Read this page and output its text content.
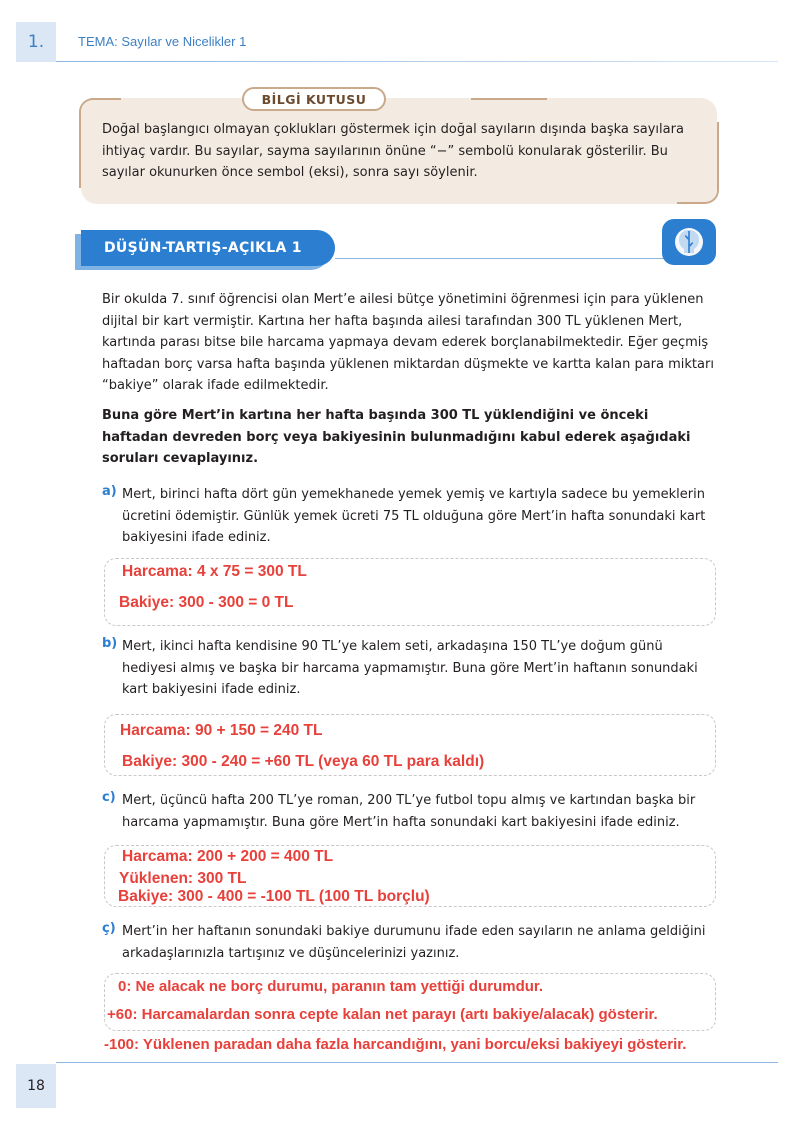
1.	TEMA: Sayılar ve Nicelikler 1
BİLGİ KUTUSU
Doğal başlangıcı olmayan çoklukları göstermek için doğal sayıların dışında başka sayılara ihtiyaç vardır. Bu sayılar, sayma sayılarının önüne “−” sembolü konularak gösterilir. Bu sayılar okunurken önce sembol (eksi), sonra sayı söylenir.
DÜŞÜN-TARTIŞ-AÇIKLA 1
Bir okulda 7. sınıf öğrencisi olan Mert’e ailesi bütçe yönetimini öğrenmesi için para yüklenen dijital bir kart vermiştir. Kartına her hafta başında ailesi tarafından 300 TL yüklenen Mert, kartında parası bitse bile harcama yapmaya devam ederek borçlanabilmektedir. Eğer geçmiş haftadan borç varsa hafta başında yüklenen miktardan düşmekte ve kartta kalan para miktarı “bakiye” olarak ifade edilmektedir.
Buna göre Mert’in kartına her hafta başında 300 TL yüklendiğini ve önceki haftadan devreden borç veya bakiyesinin bulunmadığını kabul ederek aşağıdaki soruları cevaplayınız.
a) Mert, birinci hafta dört gün yemekhanede yemek yemiş ve kartıyla sadece bu yemeklerin ücretini ödemiştir. Günlük yemek ücreti 75 TL olduğuna göre Mert’in hafta sonundaki kart bakiyesini ifade ediniz.
Harcama: 4 x 75 = 300 TL
Bakiye: 300 - 300 = 0 TL
b) Mert, ikinci hafta kendisine 90 TL’ye kalem seti, arkadaşına 150 TL’ye doğum günü hediyesi almış ve başka bir harcama yapmamıştır. Buna göre Mert’in haftanın sonundaki kart bakiyesini ifade ediniz.
Harcama: 90 + 150 = 240 TL
Bakiye: 300 - 240 = +60 TL (veya 60 TL para kaldı)
c) Mert, üçüncü hafta 200 TL’ye roman, 200 TL’ye futbol topu almış ve kartından başka bir harcama yapmamıştır. Buna göre Mert’in hafta sonundaki kart bakiyesini ifade ediniz.
Harcama: 200 + 200 = 400 TL
Yüklenen: 300 TL
Bakiye: 300 - 400 = -100 TL (100 TL borçlu)
ç) Mert’in her haftanın sonundaki bakiye durumunu ifade eden sayıların ne anlama geldiğini arkadaşlarınızla tartışınız ve düşüncelerinizi yazınız.
0: Ne alacak ne borç durumu, paranın tam yettiği durumdur.
+60: Harcamalardan sonra cepte kalan net parayı (artı bakiye/alacak) gösterir.
-100: Yüklenen paradan daha fazla harcandığını, yani borcu/eksi bakiyeyi gösterir.
18
